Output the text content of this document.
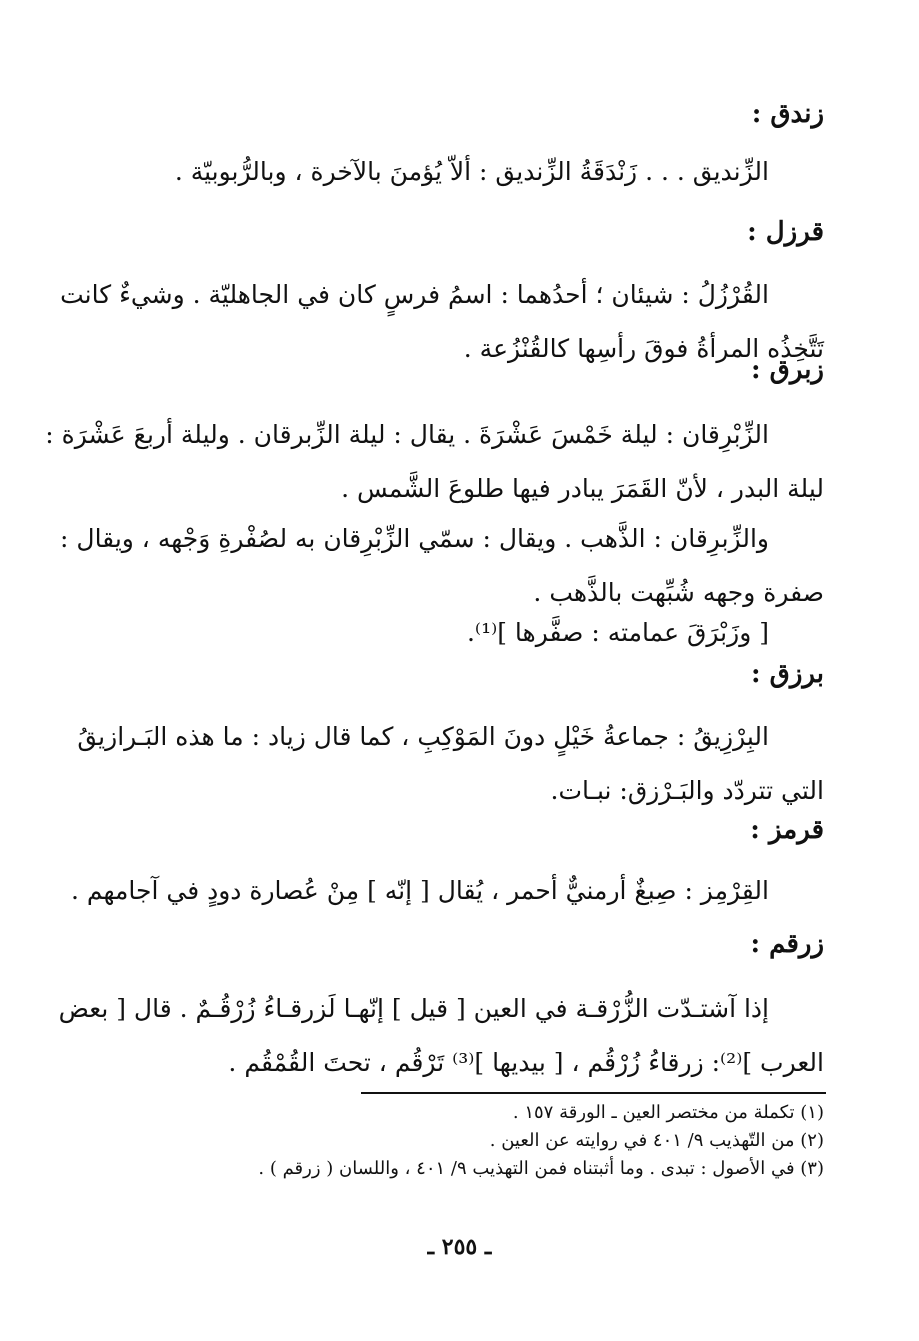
زندق :
الزِّنديق . . . زَنْدَقَةُ الزِّنديق : ألاّ يُؤمنَ بالآخرة ، وبالرُّبوبيّة .
قرزل :
القُرْزُلُ : شيئان ؛ أحدُهما : اسمُ فرسٍ كان في الجاهليّة . وشيءٌ كانت
تَتَّخِذُه المرأةُ فوقَ رأسِها كالقُنْزُعة .
زبرق :
الزِّبْرِقان : ليلة خَمْسَ عَشْرَةَ . يقال : ليلة الزِّبرقان . وليلة أربعَ عَشْرَة :
ليلة البدر ، لأنّ القَمَرَ يبادر فيها طلوعَ الشَّمس .
والزِّبرِقان : الذَّهب . ويقال : سمّي الزِّبْرِقان به لصُفْرةِ وَجْهه ، ويقال :
صفرة وجهه شُبِّهت بالذَّهب .
[ وزَبْرَقَ عمامته : صفَّرها ]⁽¹⁾.
برزق :
البِرْزِيقُ : جماعةُ خَيْلٍ دونَ المَوْكِبِ ، كما قال زياد : ما هذه البَـرازيقُ
التي تتردّد والبَـرْزق: نبـات.
قرمز :
القِرْمِز : صِبغٌ أرمنيٌّ أحمر ، يُقال [ إنّه ] مِنْ عُصارة دودٍ في آجامهم .
زرقم :
إذا آشتـدّت الزُّرْقـة في العين [ قيل ] إنّهـا لَزرقـاءُ زُرْقُـمٌ . قال [ بعض
العرب ]⁽²⁾: زرقاءُ زُرْقُم ، [ بيديها ]⁽³⁾ تَرْقُم ، تحتَ القُمْقُم .
(١) تكملة من مختصر العين ـ الورقة ١٥٧ .
(٢) من التّهذيب ٩/ ٤٠١ في روايته عن العين .
(٣) في الأصول : تبدى . وما أثبتناه فمن التهذيب ٩/ ٤٠١ ، واللسان ( زرقم ) .
ـ ٢٥٥ ـ
